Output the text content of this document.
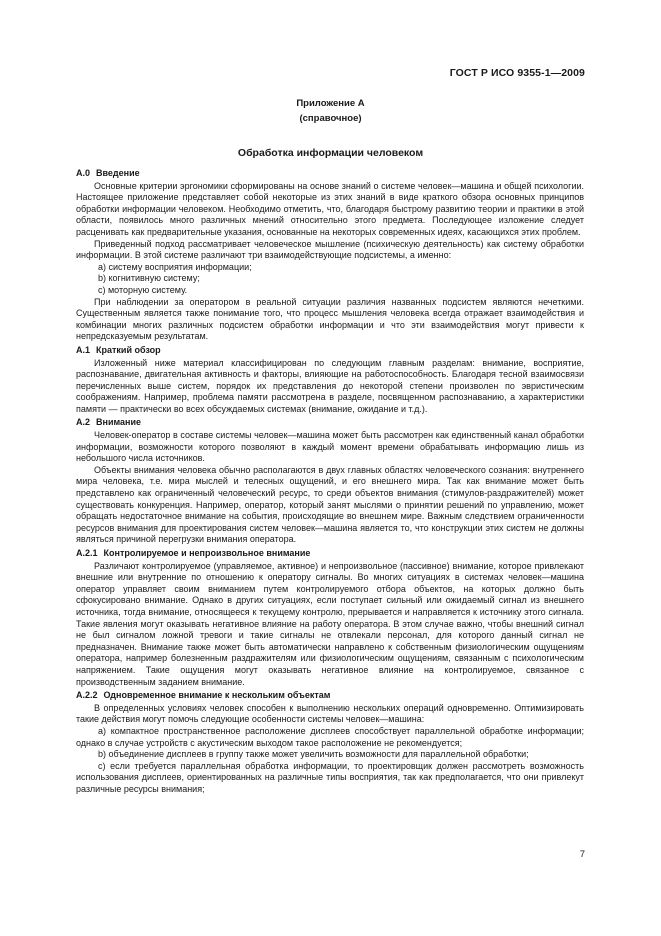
ГОСТ Р ИСО 9355-1—2009
Приложение А
(справочное)
Обработка информации человеком
А.0 Введение

Основные критерии эргономики сформированы на основе знаний о системе человек—машина и общей психологии. Настоящее приложение представляет собой некоторые из этих знаний в виде краткого обзора основных принципов обработки информации человеком. Необходимо отметить, что, благодаря быстрому развитию теории и практики в этой области, появилось много различных мнений относительно этого предмета. Последующее изложение следует расценивать как предварительные указания, основанные на некоторых современных идеях, касающихся этих проблем.

Приведенный подход рассматривает человеческое мышление (психическую деятельность) как систему обработки информации. В этой системе различают три взаимодействующие подсистемы, а именно:

a) систему восприятия информации;

b) когнитивную систему;

c) моторную систему.

При наблюдении за оператором в реальной ситуации различия названных подсистем являются нечеткими. Существенным является также понимание того, что процесс мышления человека всегда отражает взаимодействия и комбинации многих различных подсистем обработки информации и что эти взаимодействия могут привести к непредсказуемым результатам.

А.1 Краткий обзор

Изложенный ниже материал классифицирован по следующим главным разделам: внимание, восприятие, распознавание, двигательная активность и факторы, влияющие на работоспособность. Благодаря тесной взаимосвязи перечисленных выше систем, порядок их представления до некоторой степени произволен по эвристическим соображениям. Например, проблема памяти рассмотрена в разделе, посвященном распознаванию, а характеристики памяти — практически во всех обсуждаемых системах (внимание, ожидание и т.д.).

А.2 Внимание

Человек-оператор в составе системы человек—машина может быть рассмотрен как единственный канал обработки информации, возможности которого позволяют в каждый момент времени обрабатывать информацию лишь из небольшого числа источников.

Объекты внимания человека обычно располагаются в двух главных областях человеческого сознания: внутреннего мира человека, т.е. мира мыслей и телесных ощущений, и его внешнего мира. Так как внимание может быть представлено как ограниченный человеческий ресурс, то среди объектов внимания (стимулов-раздражителей) может существовать конкуренция. Например, оператор, который занят мыслями о принятии решений по управлению, может обращать недостаточное внимание на события, происходящие во внешнем мире. Важным следствием ограниченности ресурсов внимания для проектирования систем человек—машина является то, что конструкции этих систем не должны являться причиной перегрузки внимания оператора.

А.2.1 Контролируемое и непроизвольное внимание

Различают контролируемое (управляемое, активное) и непроизвольное (пассивное) внимание, которое привлекают внешние или внутренние по отношению к оператору сигналы. Во многих ситуациях в системах человек—машина оператор управляет своим вниманием путем контролируемого отбора объектов, на которых должно быть сфокусировано внимание. Однако в других ситуациях, если поступает сильный или ожидаемый сигнал из внешнего источника, тогда внимание, относящееся к текущему контролю, прерывается и направляется к источнику этого сигнала. Такие явления могут оказывать негативное влияние на работу оператора. В этом случае важно, чтобы внешний сигнал не был сигналом ложной тревоги и такие сигналы не отвлекали персонал, для которого данный сигнал не предназначен. Внимание также может быть автоматически направлено к собственным физиологическим ощущениям оператора, например болезненным раздражителям или физиологическим ощущениям, связанным с психологическим напряжением. Такие ощущения могут оказывать негативное влияние на контролируемое, связанное с производственным заданием внимание.

А.2.2 Одновременное внимание к нескольким объектам

В определенных условиях человек способен к выполнению нескольких операций одновременно. Оптимизировать такие действия могут помочь следующие особенности системы человек—машина:

a) компактное пространственное расположение дисплеев способствует параллельной обработке информации; однако в случае устройств с акустическим выходом такое расположение не рекомендуется;

b) объединение дисплеев в группу также может увеличить возможности для параллельной обработки;

c) если требуется параллельная обработка информации, то проектировщик должен рассмотреть возможность использования дисплеев, ориентированных на различные типы восприятия, так как предполагается, что они привлекут различные ресурсы внимания;

7
